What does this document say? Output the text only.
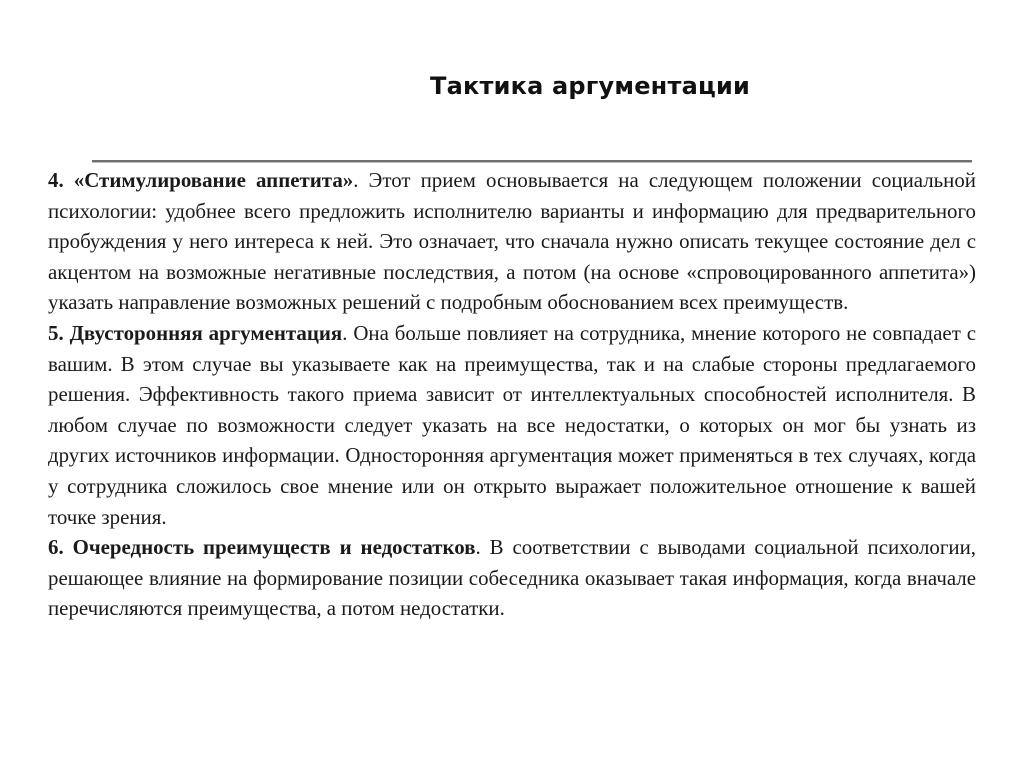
Тактика аргументации

4. «Стимулирование аппетита». Этот прием основывается на следующем положении социальной психологии: удобнее всего предложить исполнителю варианты и информацию для предварительного пробуждения у него интереса к ней. Это означает, что сначала нужно описать текущее состояние дел с акцентом на возможные негативные последствия, а потом (на основе «спровоцированного аппетита») указать направление возможных решений с подробным обоснованием всех преимуществ.

5. Двусторонняя аргументация. Она больше повлияет на сотрудника, мнение которого не совпадает с вашим. В этом случае вы указываете как на преимущества, так и на слабые стороны предлагаемого решения. Эффективность такого приема зависит от интеллектуальных способностей исполнителя. В любом случае по возможности следует указать на все недостатки, о которых он мог бы узнать из других источников информации. Односторонняя аргументация может применяться в тех случаях, когда у сотрудника сложилось свое мнение или он открыто выражает положительное отношение к вашей точке зрения.

6. Очередность преимуществ и недостатков. В соответствии с выводами социальной психологии, решающее влияние на формирование позиции собеседника оказывает такая информация, когда вначале перечисляются преимущества, а потом недостатки.
